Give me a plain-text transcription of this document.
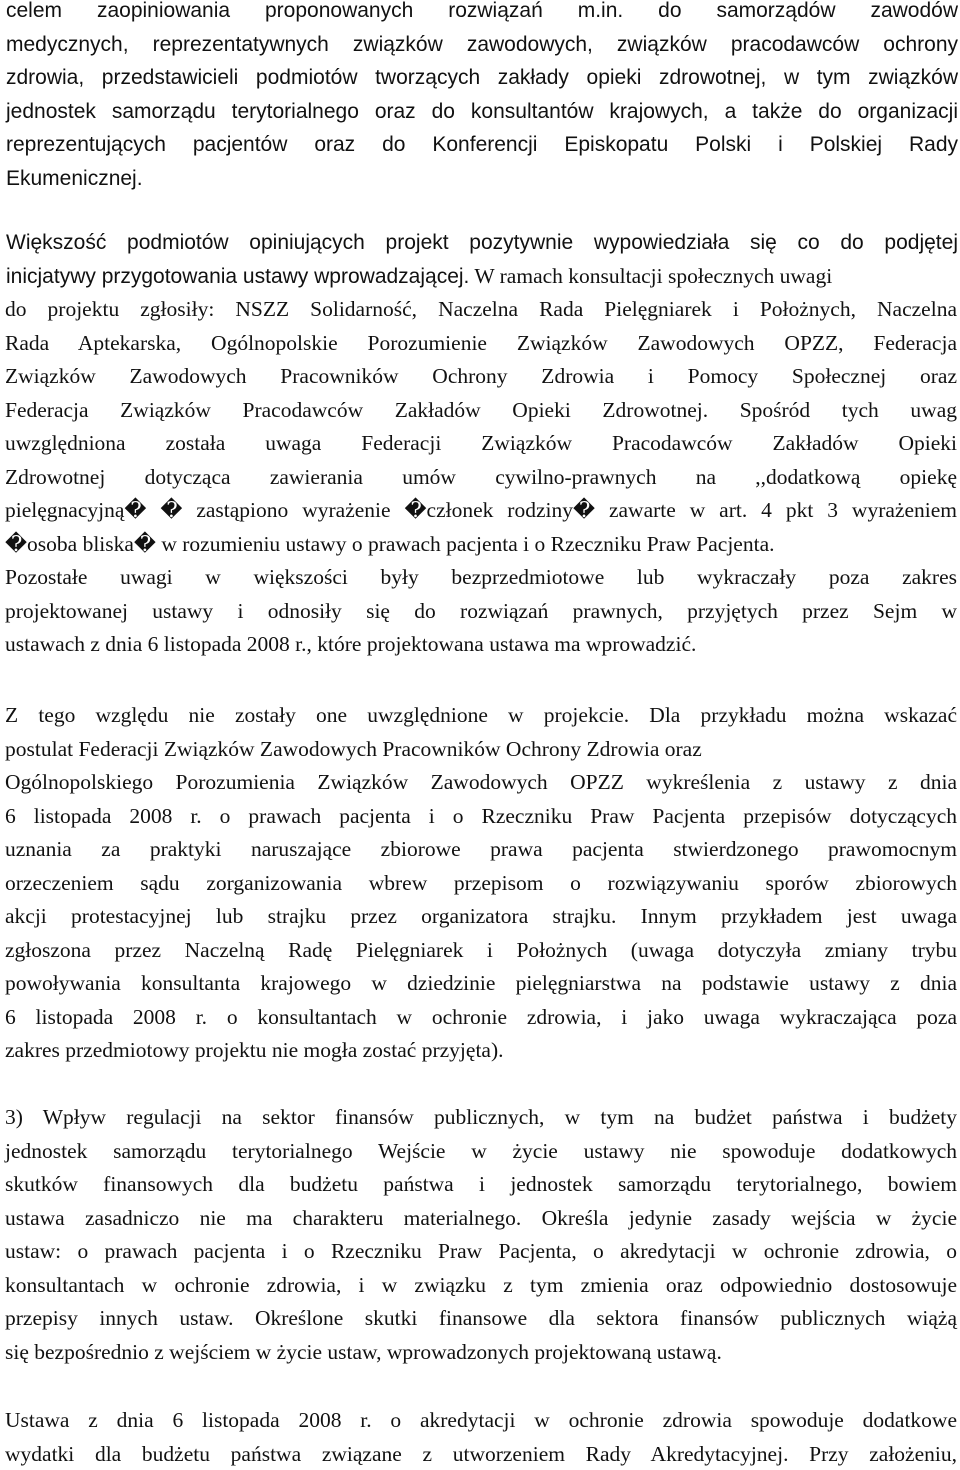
celem zaopiniowania proponowanych rozwiązań m.in. do samorządów zawodów
medycznych, reprezentatywnych związków zawodowych, związków pracodawców ochrony
zdrowia, przedstawicieli podmiotów tworzących zakłady opieki zdrowotnej, w tym związków
jednostek samorządu terytorialnego oraz do konsultantów krajowych, a także do organizacji
reprezentujących pacjentów oraz do Konferencji Episkopatu Polski i Polskiej Rady
Ekumenicznej.
Większość podmiotów opiniujących projekt pozytywnie wypowiedziała się co do podjętej
inicjatywy przygotowania ustawy wprowadzającej. W ramach konsultacji społecznych uwagi
do projektu zgłosiły: NSZZ Solidarność, Naczelna Rada Pielęgniarek i Położnych, Naczelna
Rada Aptekarska, Ogólnopolskie Porozumienie Związków Zawodowych OPZZ, Federacja
Związków Zawodowych Pracowników Ochrony Zdrowia i Pomocy Społecznej oraz
Federacja Związków Pracodawców Zakładów Opieki Zdrowotnej. Spośród tych uwag
uwzględniona została uwaga Federacji Związków Pracodawców Zakładów Opieki
Zdrowotnej dotycząca zawierania umów cywilno-prawnych na ,,dodatkową opiekę
pielęgnacyjną� � zastąpiono wyrażenie �członek rodziny� zawarte w art. 4 pkt 3 wyrażeniem
�osoba bliska� w rozumieniu ustawy o prawach pacjenta i o Rzeczniku Praw Pacjenta.
Pozostałe uwagi w większości były bezprzedmiotowe lub wykraczały poza zakres
projektowanej ustawy i odnosiły się do rozwiązań prawnych, przyjętych przez Sejm w
ustawach z dnia 6 listopada 2008 r., które projektowana ustawa ma wprowadzić.
Z tego względu nie zostały one uwzględnione w projekcie. Dla przykładu można wskazać
postulat Federacji Związków Zawodowych Pracowników Ochrony Zdrowia oraz
Ogólnopolskiego Porozumienia Związków Zawodowych OPZZ wykreślenia z ustawy z dnia
6 listopada 2008 r. o prawach pacjenta i o Rzeczniku Praw Pacjenta przepisów dotyczących
uznania za praktyki naruszające zbiorowe prawa pacjenta stwierdzonego prawomocnym
orzeczeniem sądu zorganizowania wbrew przepisom o rozwiązywaniu sporów zbiorowych
akcji protestacyjnej lub strajku przez organizatora strajku. Innym przykładem jest uwaga
zgłoszona przez Naczelną Radę Pielęgniarek i Położnych (uwaga dotyczyła zmiany trybu
powoływania konsultanta krajowego w dziedzinie pielęgniarstwa na podstawie ustawy z dnia
6 listopada 2008 r. o konsultantach w ochronie zdrowia, i jako uwaga wykraczająca poza
zakres przedmiotowy projektu nie mogła zostać przyjęta).
3) Wpływ regulacji na sektor finansów publicznych, w tym na budżet państwa i budżety
jednostek samorządu terytorialnego Wejście w życie ustawy nie spowoduje dodatkowych
skutków finansowych dla budżetu państwa i jednostek samorządu terytorialnego, bowiem
ustawa zasadniczo nie ma charakteru materialnego. Określa jedynie zasady wejścia w życie
ustaw: o prawach pacjenta i o Rzeczniku Praw Pacjenta, o akredytacji w ochronie zdrowia, o
konsultantach w ochronie zdrowia, i w związku z tym zmienia oraz odpowiednio dostosowuje
przepisy innych ustaw. Określone skutki finansowe dla sektora finansów publicznych wiążą
się bezpośrednio z wejściem w życie ustaw, wprowadzonych projektowaną ustawą.
Ustawa z dnia 6 listopada 2008 r. o akredytacji w ochronie zdrowia spowoduje dodatkowe
wydatki dla budżetu państwa związane z utworzeniem Rady Akredytacyjnej. Przy założeniu,
